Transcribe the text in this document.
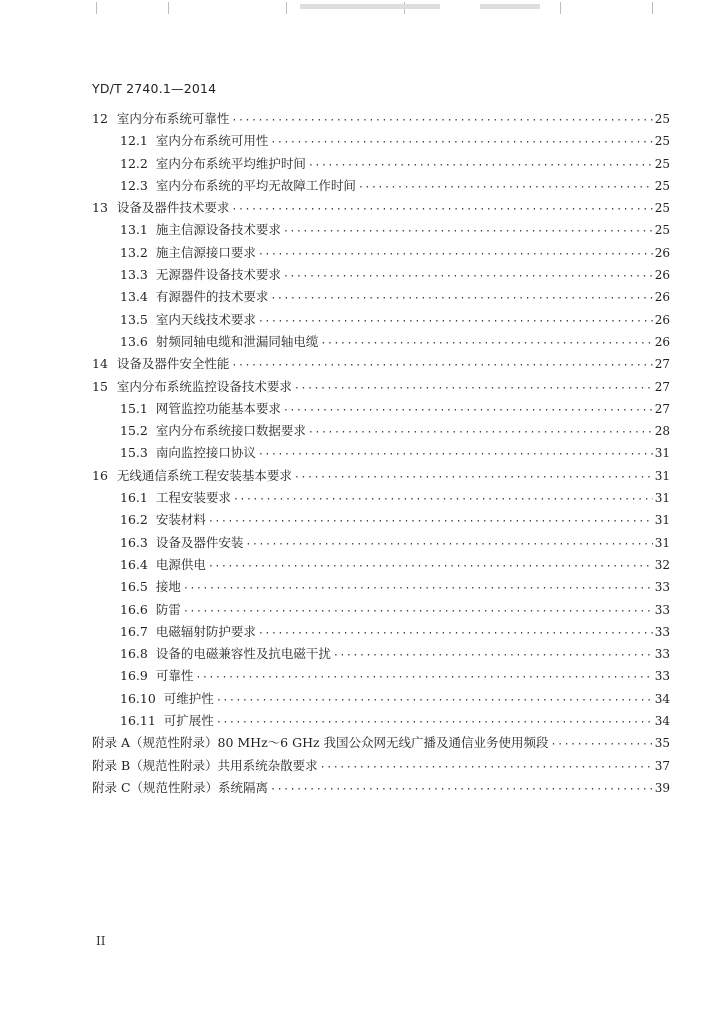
YD/T 2740.1—2014
12 室内分布系统可靠性 ·····	25
12.1 室内分布系统可用性 ·····	25
12.2 室内分布系统平均维护时间 ·····	25
12.3 室内分布系统的平均无故障工作时间 ·····	25
13 设备及器件技术要求 ·····	25
13.1 施主信源设备技术要求 ·····	25
13.2 施主信源接口要求 ·····	26
13.3 无源器件设备技术要求 ·····	26
13.4 有源器件的技术要求 ·····	26
13.5 室内天线技术要求 ·····	26
13.6 射频同轴电缆和泄漏同轴电缆 ·····	26
14 设备及器件安全性能 ·····	27
15 室内分布系统监控设备技术要求 ·····	27
15.1 网管监控功能基本要求 ·····	27
15.2 室内分布系统接口数据要求 ·····	28
15.3 南向监控接口协议 ·····	31
16 无线通信系统工程安装基本要求 ·····	31
16.1 工程安装要求 ·····	31
16.2 安装材料 ·····	31
16.3 设备及器件安装 ·····	31
16.4 电源供电 ·····	32
16.5 接地 ·····	33
16.6 防雷 ·····	33
16.7 电磁辐射防护要求 ·····	33
16.8 设备的电磁兼容性及抗电磁干扰 ·····	33
16.9 可靠性 ·····	33
16.10 可维护性 ·····	34
16.11 可扩展性 ·····	34
附录 A（规范性附录）80 MHz～6 GHz 我国公众网无线广播及通信业务使用频段 ·····	35
附录 B（规范性附录）共用系统杂散要求 ·····	37
附录 C（规范性附录）系统隔离 ·····	39
II
